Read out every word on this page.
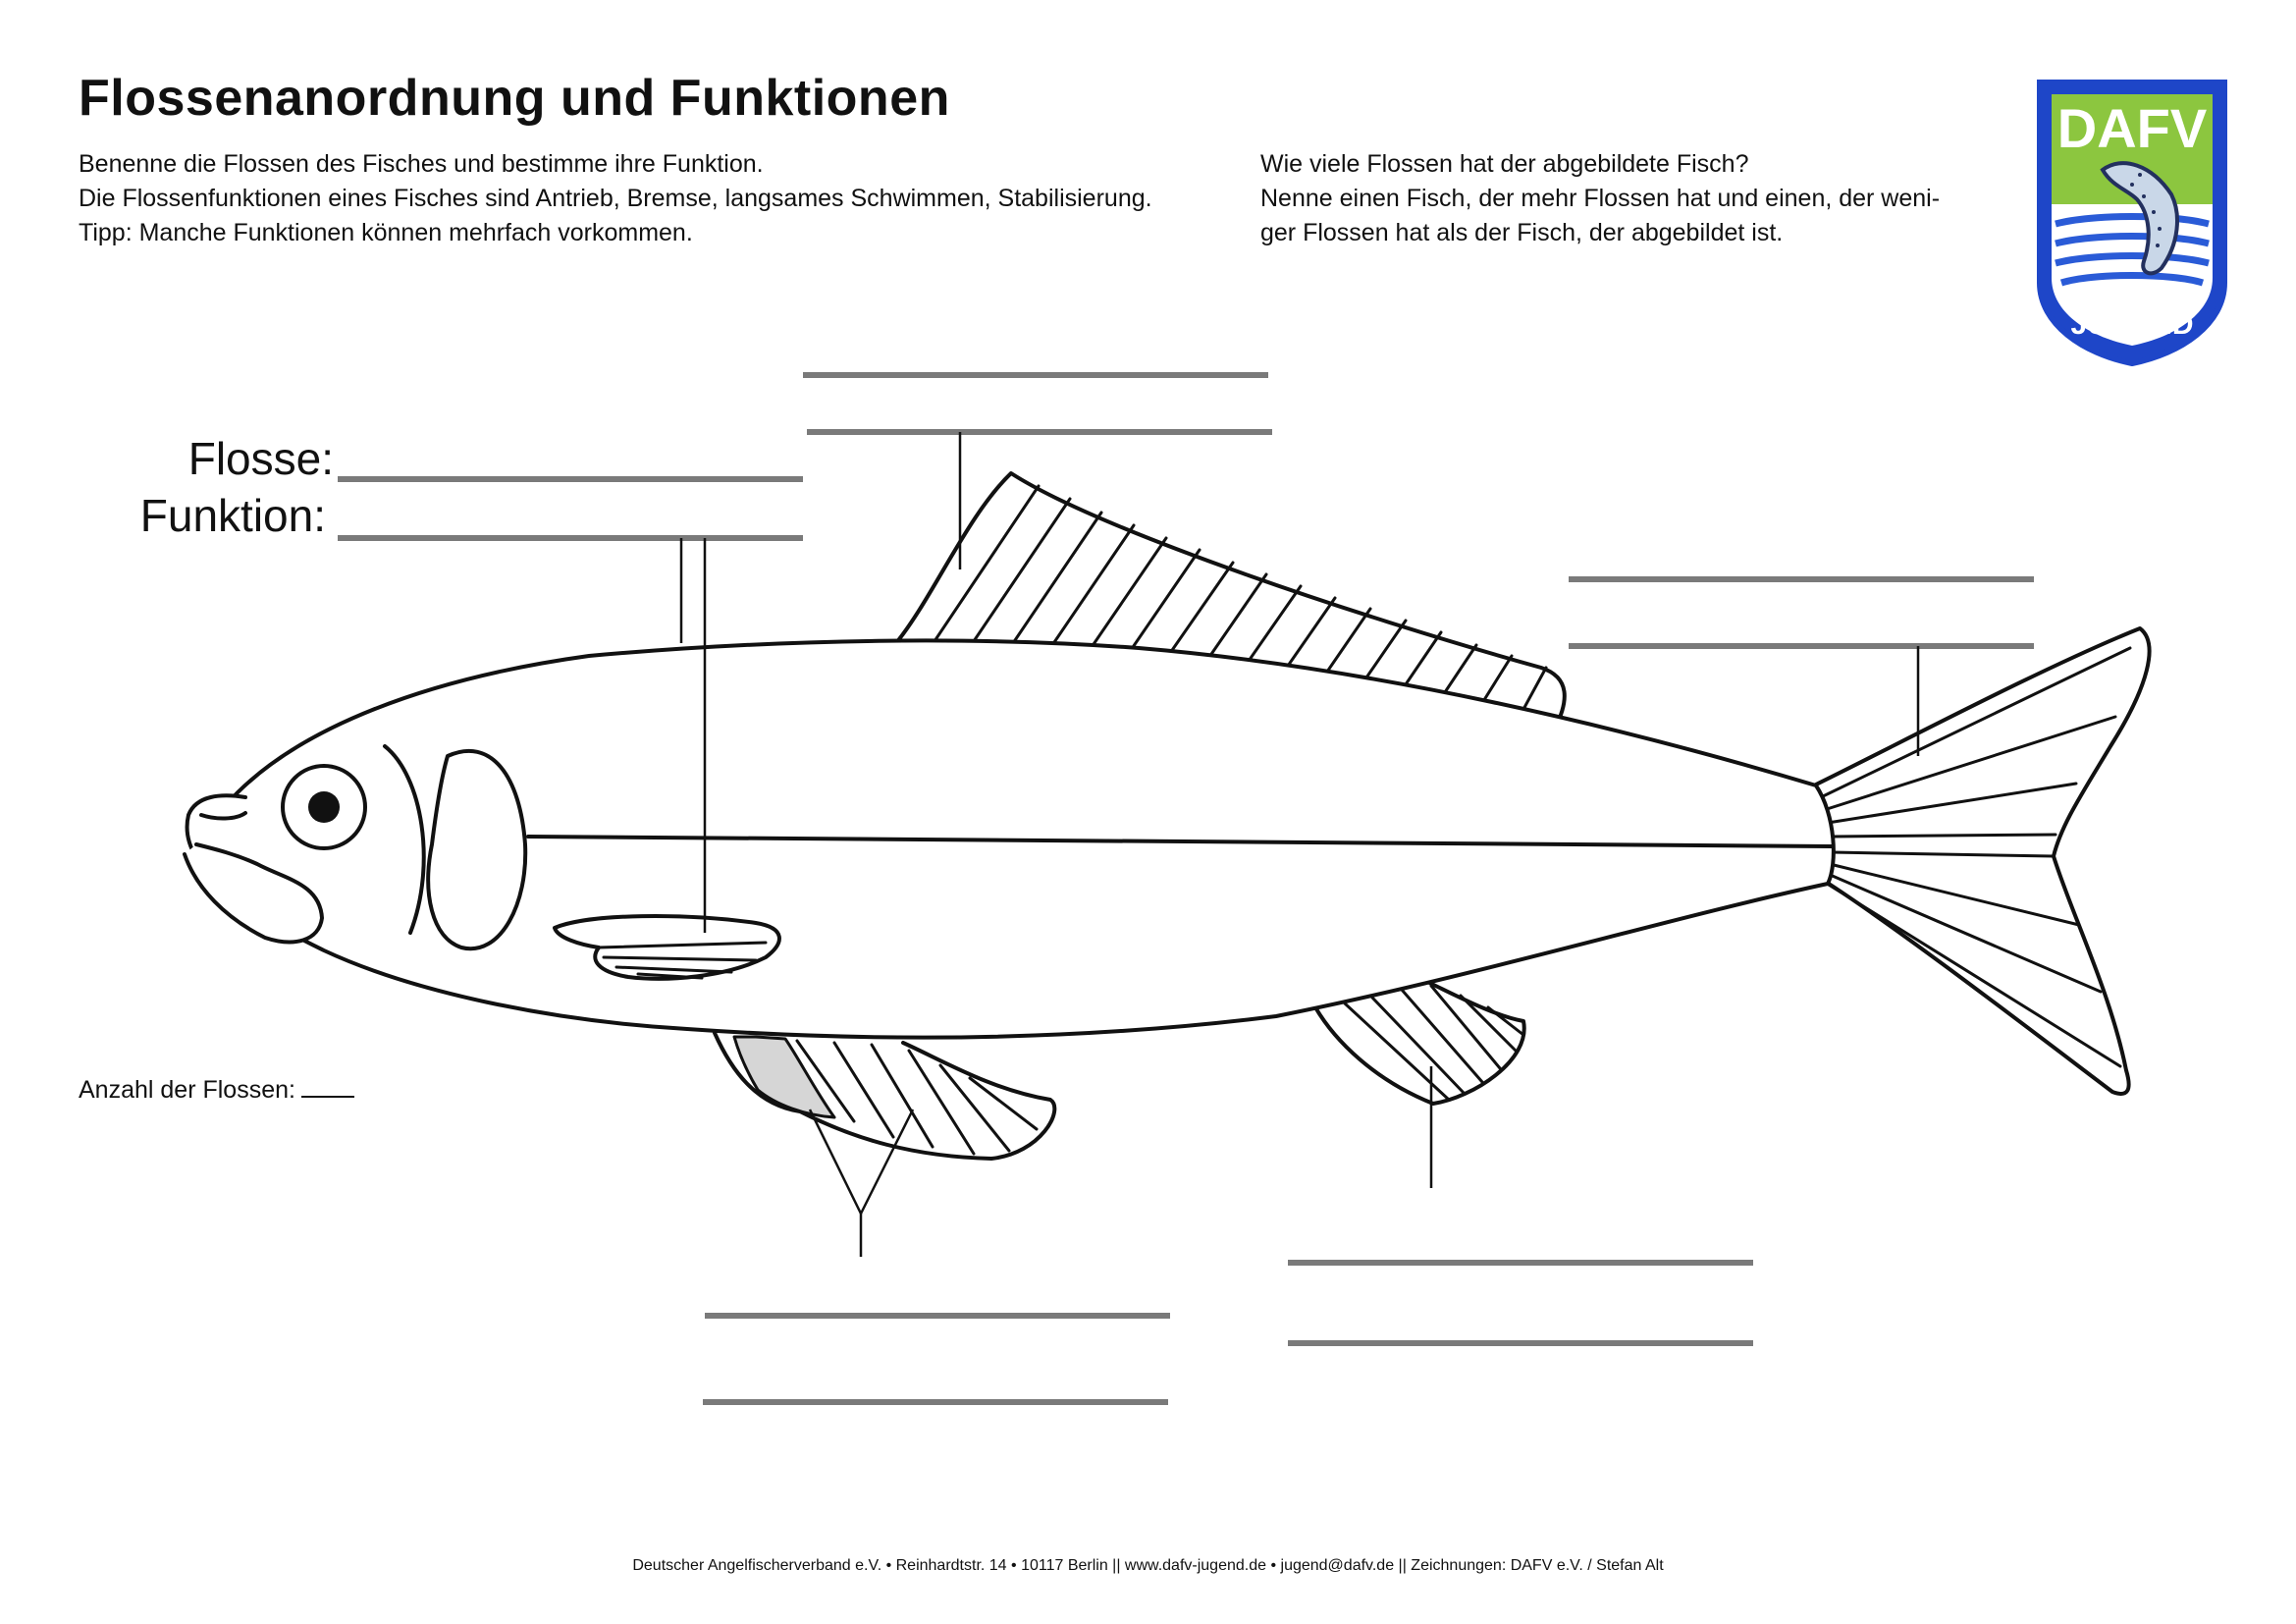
Flossenanordnung und Funktionen
Benenne die Flossen des Fisches und bestimme ihre Funktion.
Die Flossenfunktionen eines Fisches sind Antrieb, Bremse, langsames Schwimmen, Stabilisierung.
Tipp: Manche Funktionen können mehrfach vorkommen.
Wie viele Flossen hat der abgebildete Fisch?
Nenne einen Fisch, der mehr Flossen hat und einen, der weni-
ger Flossen hat als der Fisch, der abgebildet ist.
Flosse:
Funktion:
Anzahl der Flossen:
DAFV
JUGEND
Deutscher Angelfischerverband e.V. • Reinhardtstr. 14 • 10117 Berlin || www.dafv-jugend.de • jugend@dafv.de || Zeichnungen: DAFV e.V. / Stefan Alt
